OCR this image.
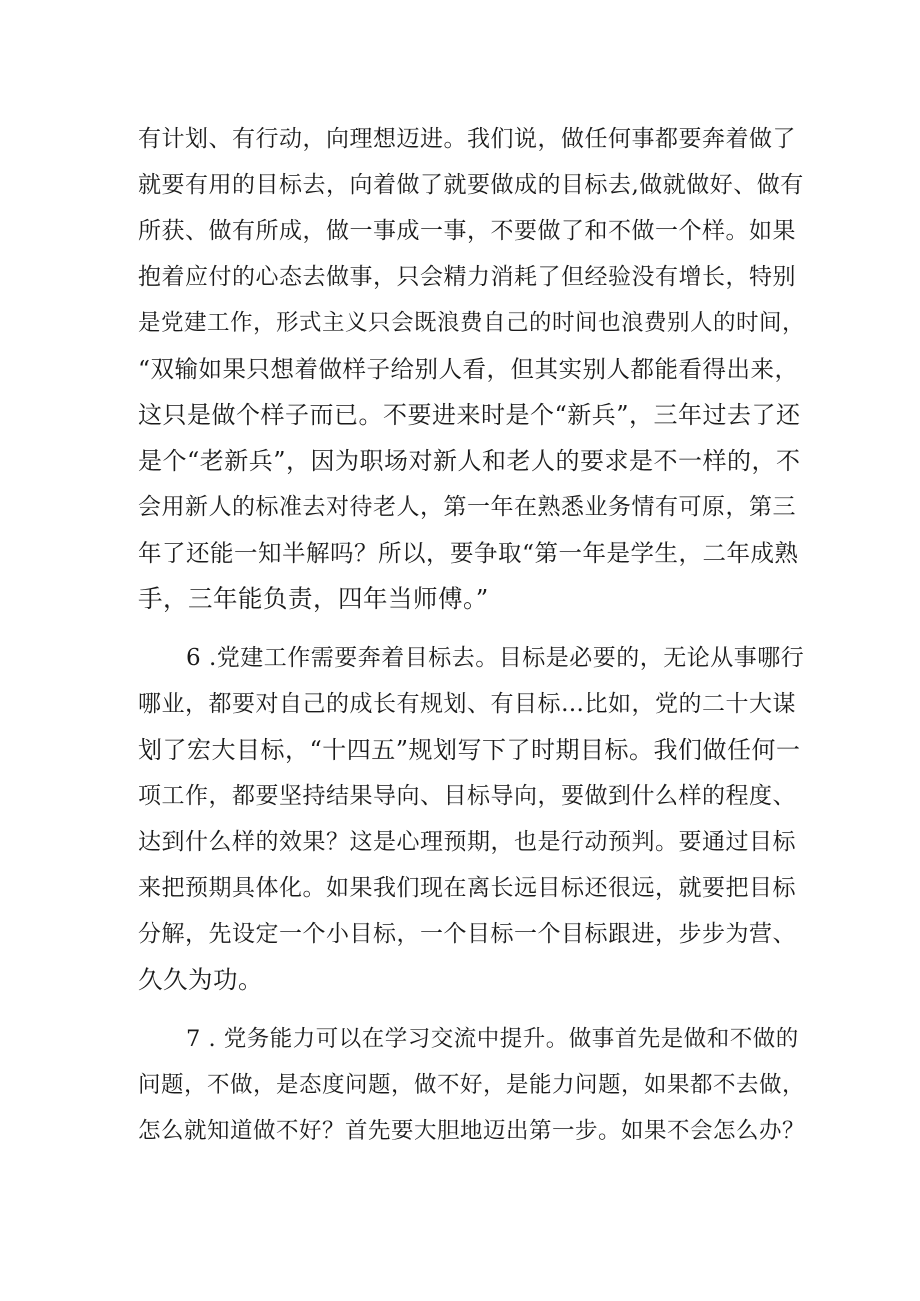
有计划、有行动，向理想迈进。我们说，做任何事都要奔着做了
就要有用的目标去，向着做了就要做成的目标去,做就做好、做有
所获、做有所成，做一事成一事，不要做了和不做一个样。如果
抱着应付的心态去做事，只会精力消耗了但经验没有增长，特别
是党建工作，形式主义只会既浪费自己的时间也浪费别人的时间，
“双输如果只想着做样子给别人看，但其实别人都能看得出来，
这只是做个样子而已。不要进来时是个“新兵”，三年过去了还
是个“老新兵”，因为职场对新人和老人的要求是不一样的，不
会用新人的标准去对待老人，第一年在熟悉业务情有可原，第三
年了还能一知半解吗？所以，要争取“第一年是学生，二年成熟
手，三年能负责，四年当师傅。”
6 .党建工作需要奔着目标去。目标是必要的，无论从事哪行
哪业，都要对自己的成长有规划、有目标…比如，党的二十大谋
划了宏大目标，“十四五”规划写下了时期目标。我们做任何一
项工作，都要坚持结果导向、目标导向，要做到什么样的程度、
达到什么样的效果？这是心理预期，也是行动预判。要通过目标
来把预期具体化。如果我们现在离长远目标还很远，就要把目标
分解，先设定一个小目标，一个目标一个目标跟进，步步为营、
久久为功。
7 . 党务能力可以在学习交流中提升。做事首先是做和不做的
问题，不做，是态度问题，做不好，是能力问题，如果都不去做，
怎么就知道做不好？首先要大胆地迈出第一步。如果不会怎么办？
